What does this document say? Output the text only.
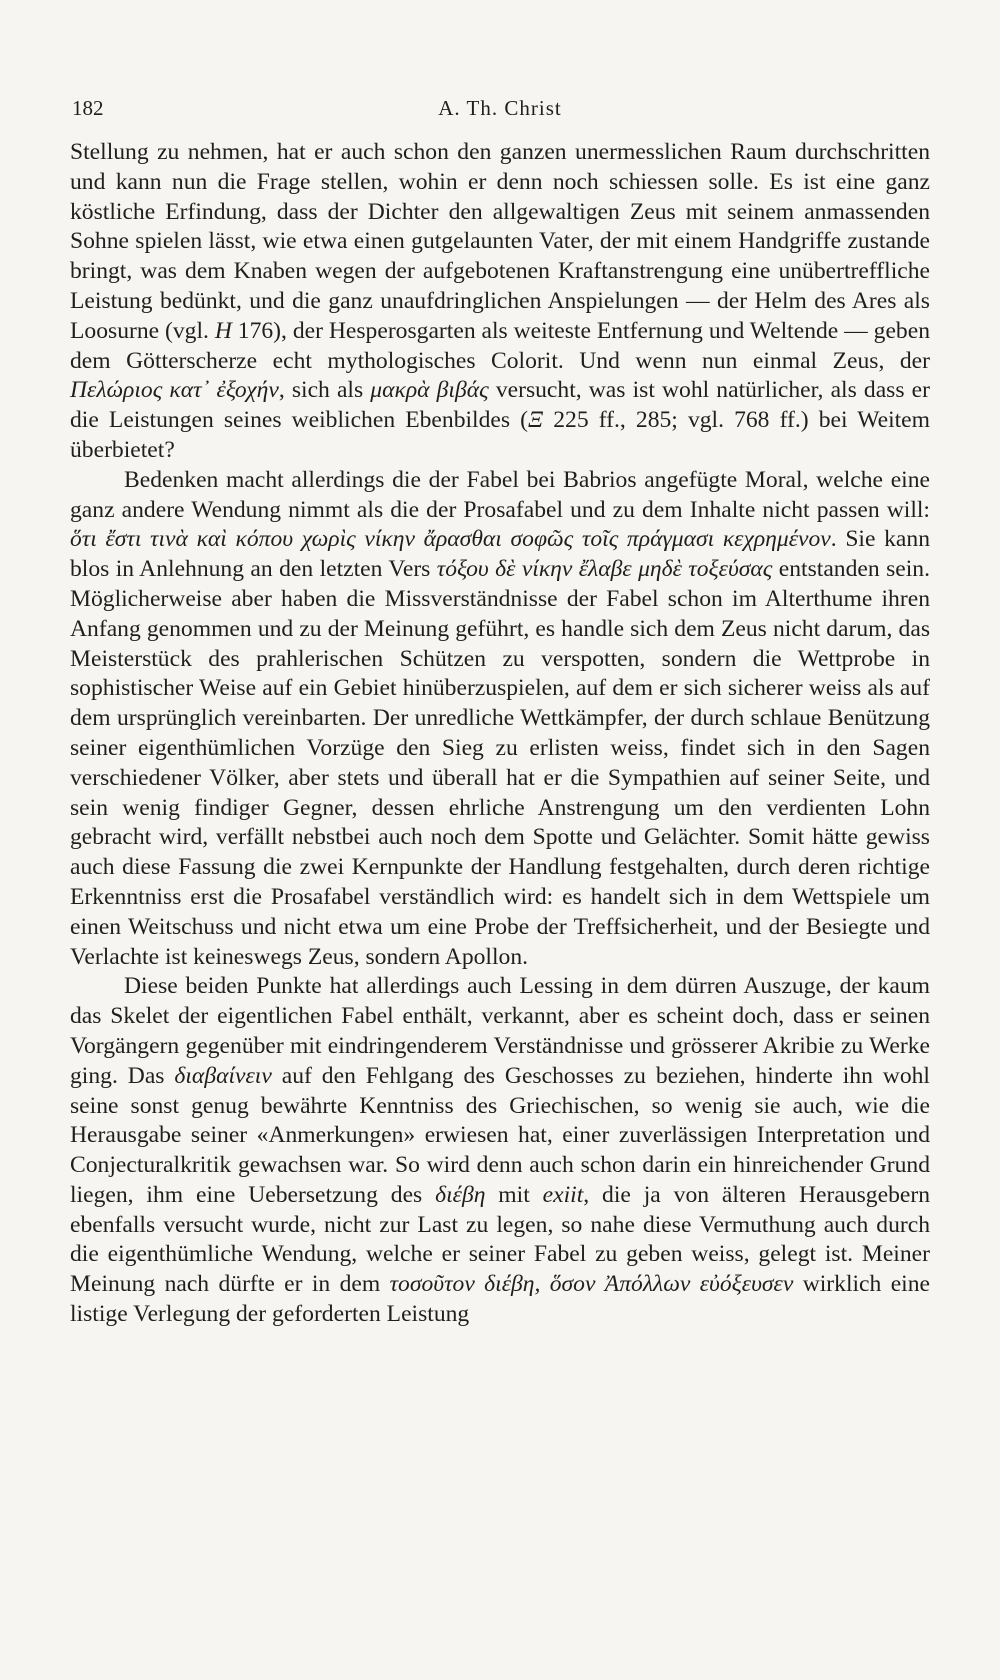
182	A. Th. Christ

Stellung zu nehmen, hat er auch schon den ganzen unermesslichen Raum durchschritten und kann nun die Frage stellen, wohin er denn noch schiessen solle. Es ist eine ganz köstliche Erfindung, dass der Dichter den allgewaltigen Zeus mit seinem anmassenden Sohne spielen lässt, wie etwa einen gutgelaunten Vater, der mit einem Handgriffe zustande bringt, was dem Knaben wegen der aufgebotenen Kraftanstrengung eine unübertreffliche Leistung bedünkt, und die ganz unaufdringlichen Anspielungen — der Helm des Ares als Loosurne (vgl. H 176), der Hesperosgarten als weiteste Entfernung und Weltende — geben dem Götterscherze echt mythologisches Colorit. Und wenn nun einmal Zeus, der Πελώριος κατ᾽ ἐξοχήν, sich als μακρὰ βιβάς versucht, was ist wohl natürlicher, als dass er die Leistungen seines weiblichen Ebenbildes (Ξ 225 ff., 285; vgl. 768 ff.) bei Weitem überbietet?

Bedenken macht allerdings die der Fabel bei Babrios angefügte Moral, welche eine ganz andere Wendung nimmt als die der Prosafabel und zu dem Inhalte nicht passen will: ὅτι ἔστι τινὰ καὶ κόπου χωρὶς νίκην ἄρασθαι σοφῶς τοῖς πράγμασι κεχρημένον. Sie kann blos in Anlehnung an den letzten Vers τόξου δὲ νίκην ἔλαβε μηδὲ τοξεύσας entstanden sein. Möglicherweise aber haben die Missverständnisse der Fabel schon im Alterthume ihren Anfang genommen und zu der Meinung geführt, es handle sich dem Zeus nicht darum, das Meisterstück des prahlerischen Schützen zu verspotten, sondern die Wettprobe in sophistischer Weise auf ein Gebiet hinüberzuspielen, auf dem er sich sicherer weiss als auf dem ursprünglich vereinbarten. Der unredliche Wettkämpfer, der durch schlaue Benützung seiner eigenthümlichen Vorzüge den Sieg zu erlisten weiss, findet sich in den Sagen verschiedener Völker, aber stets und überall hat er die Sympathien auf seiner Seite, und sein wenig findiger Gegner, dessen ehrliche Anstrengung um den verdienten Lohn gebracht wird, verfällt nebstbei auch noch dem Spotte und Gelächter. Somit hätte gewiss auch diese Fassung die zwei Kernpunkte der Handlung festgehalten, durch deren richtige Erkenntniss erst die Prosafabel verständlich wird: es handelt sich in dem Wettspiele um einen Weitschuss und nicht etwa um eine Probe der Treffsicherheit, und der Besiegte und Verlachte ist keineswegs Zeus, sondern Apollon.

Diese beiden Punkte hat allerdings auch Lessing in dem dürren Auszuge, der kaum das Skelet der eigentlichen Fabel enthält, verkannt, aber es scheint doch, dass er seinen Vorgängern gegenüber mit eindringenderem Verständnisse und grösserer Akribie zu Werke ging. Das διαβαίνειν auf den Fehlgang des Geschosses zu beziehen, hinderte ihn wohl seine sonst genug bewährte Kenntniss des Griechischen, so wenig sie auch, wie die Herausgabe seiner «Anmerkungen» erwiesen hat, einer zuverlässigen Interpretation und Conjecturalkritik gewachsen war. So wird denn auch schon darin ein hinreichender Grund liegen, ihm eine Uebersetzung des διέβη mit exiit, die ja von älteren Herausgebern ebenfalls versucht wurde, nicht zur Last zu legen, so nahe diese Vermuthung auch durch die eigenthümliche Wendung, welche er seiner Fabel zu geben weiss, gelegt ist. Meiner Meinung nach dürfte er in dem τοσοῦτον διέβη, ὅσον Ἀπόλλων εὐόξευσεν wirklich eine listige Verlegung der geforderten Leistung
